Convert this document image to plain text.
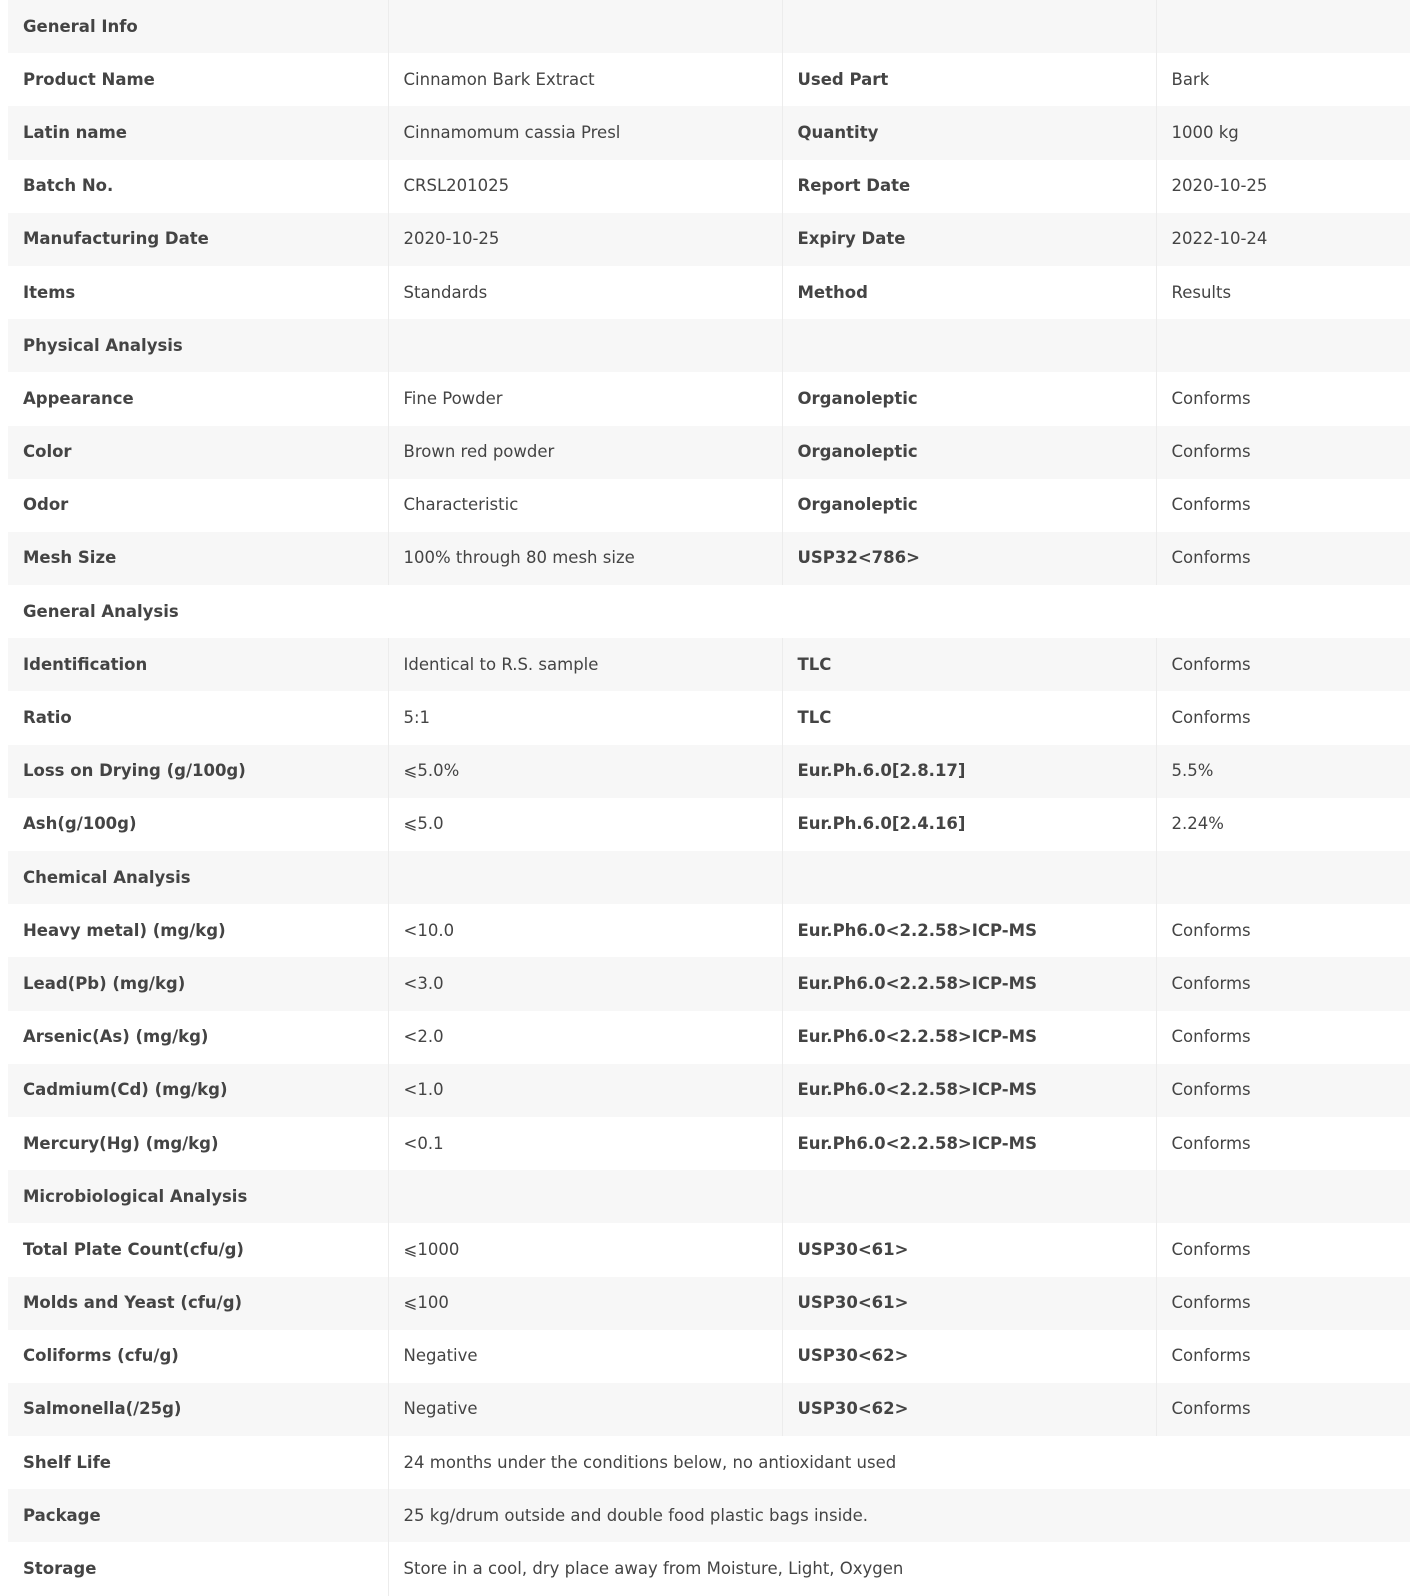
General Info			
Product Name	Cinnamon Bark Extract	Used Part	Bark
Latin name	Cinnamomum cassia Presl	Quantity	1000 kg
Batch No.	CRSL201025	Report Date	2020-10-25
Manufacturing Date	2020-10-25	Expiry Date	2022-10-24
Items	Standards	Method	Results
Physical Analysis			
Appearance	Fine Powder	Organoleptic	Conforms
Color	Brown red powder	Organoleptic	Conforms
Odor	Characteristic	Organoleptic	Conforms
Mesh Size	100% through 80 mesh size	USP32<786>	Conforms
General Analysis			
Identification	Identical to R.S. sample	TLC	Conforms
Ratio	5:1	TLC	Conforms
Loss on Drying (g/100g)	⩽5.0%	Eur.Ph.6.0[2.8.17]	5.5%
Ash(g/100g)	⩽5.0	Eur.Ph.6.0[2.4.16]	2.24%
Chemical Analysis			
Heavy metal) (mg/kg)	<10.0	Eur.Ph6.0<2.2.58>ICP-MS	Conforms
Lead(Pb) (mg/kg)	<3.0	Eur.Ph6.0<2.2.58>ICP-MS	Conforms
Arsenic(As) (mg/kg)	<2.0	Eur.Ph6.0<2.2.58>ICP-MS	Conforms
Cadmium(Cd) (mg/kg)	<1.0	Eur.Ph6.0<2.2.58>ICP-MS	Conforms
Mercury(Hg) (mg/kg)	<0.1	Eur.Ph6.0<2.2.58>ICP-MS	Conforms
Microbiological Analysis			
Total Plate Count(cfu/g)	⩽1000	USP30<61>	Conforms
Molds and Yeast (cfu/g)	⩽100	USP30<61>	Conforms
Coliforms (cfu/g)	Negative	USP30<62>	Conforms
Salmonella(/25g)	Negative	USP30<62>	Conforms
Shelf Life	24 months under the conditions below, no antioxidant used		
Package	25 kg/drum outside and double food plastic bags inside.		
Storage	Store in a cool, dry place away from Moisture, Light, Oxygen		
